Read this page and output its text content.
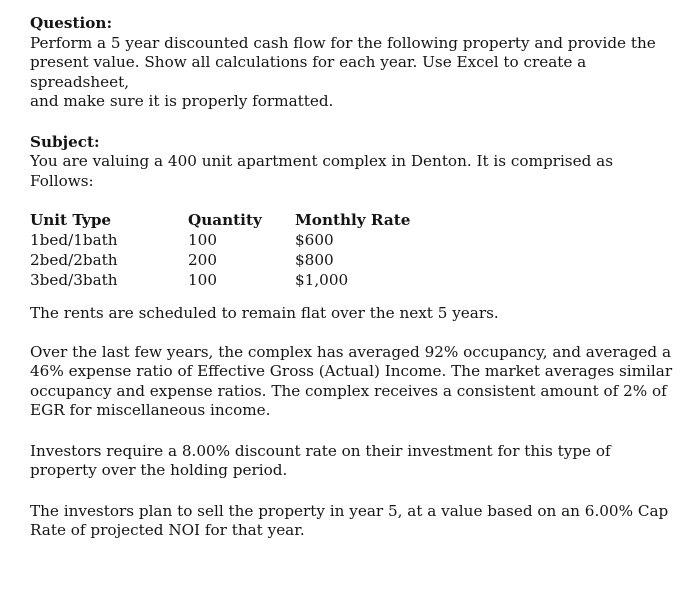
Question:
Perform a 5 year discounted cash flow for the following property and provide the
present value. Show all calculations for each year. Use Excel to create a spreadsheet,
and make sure it is properly formatted.
Subject:
You are valuing a 400 unit apartment complex in Denton. It is comprised as Follows:
Unit Type
1bed/1bath
2bed/2bath
3bed/3bath
Quantity
100
200
100
Monthly Rate
$600
$800
$1,000
The rents are scheduled to remain flat over the next 5 years.
Over the last few years, the complex has averaged 92% occupancy, and averaged a
46% expense ratio of Effective Gross (Actual) Income. The market averages similar
occupancy and expense ratios. The complex receives a consistent amount of 2% of
EGR for miscellaneous income.
Investors require a 8.00% discount rate on their investment for this type of
property over the holding period.
The investors plan to sell the property in year 5, at a value based on an 6.00% Cap
Rate of projected NOI for that year.
